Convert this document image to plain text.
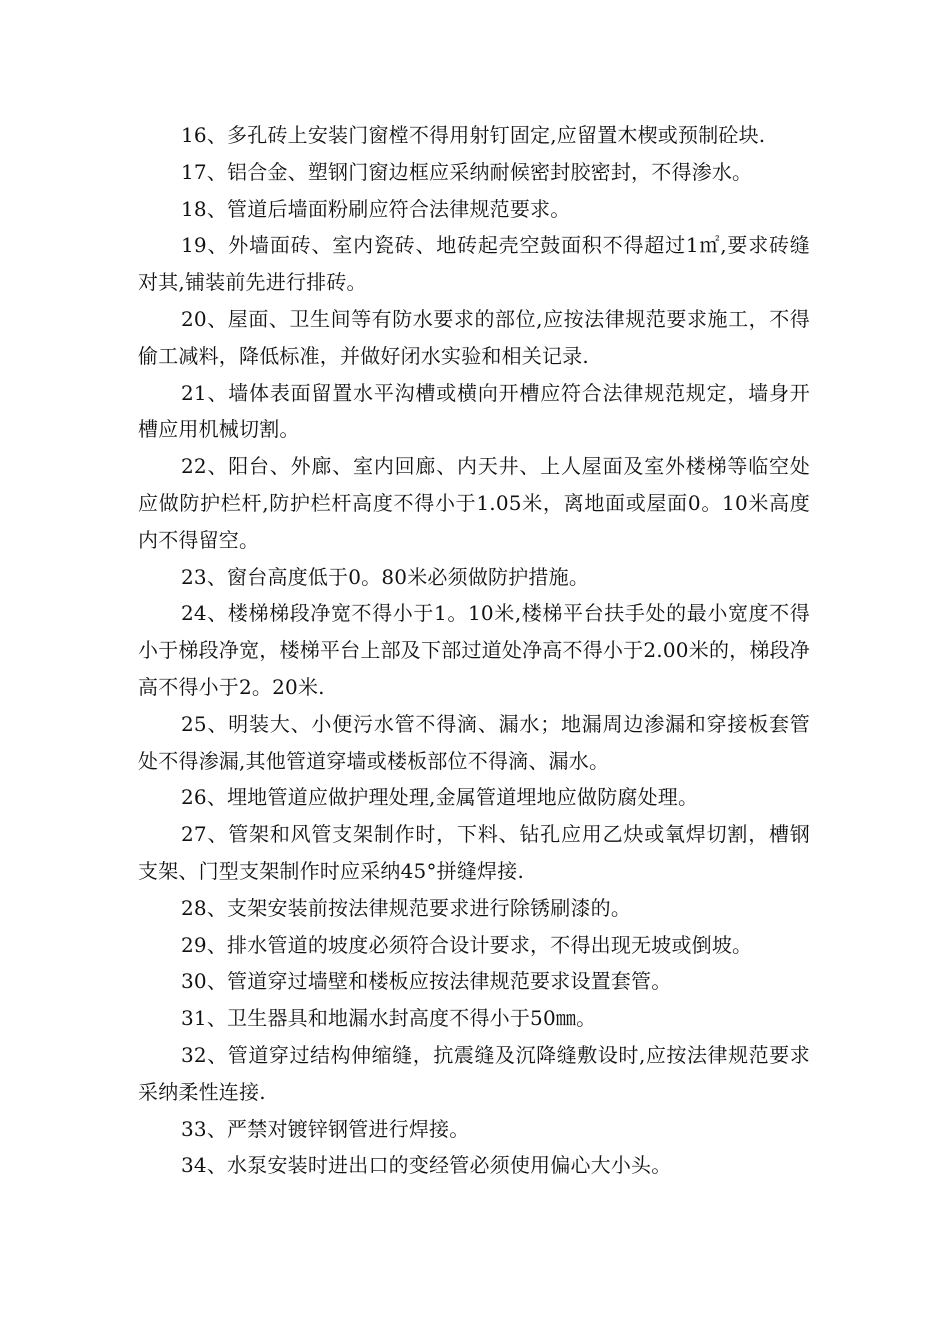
16、多孔砖上安装门窗樘不得用射钉固定,应留置木楔或预制砼块.

17、铝合金、塑钢门窗边框应采纳耐候密封胶密封，不得渗水。

18、管道后墙面粉刷应符合法律规范要求。

19、外墙面砖、室内瓷砖、地砖起壳空鼓面积不得超过1㎡,要求砖缝对其,铺装前先进行排砖。

20、屋面、卫生间等有防水要求的部位,应按法律规范要求施工，不得偷工减料，降低标准，并做好闭水实验和相关记录.

21、墙体表面留置水平沟槽或横向开槽应符合法律规范规定，墙身开槽应用机械切割。

22、阳台、外廊、室内回廊、内天井、上人屋面及室外楼梯等临空处应做防护栏杆,防护栏杆高度不得小于1.05米，离地面或屋面0。10米高度内不得留空。

23、窗台高度低于0。80米必须做防护措施。

24、楼梯梯段净宽不得小于1。10米,楼梯平台扶手处的最小宽度不得小于梯段净宽，楼梯平台上部及下部过道处净高不得小于2.00米的，梯段净高不得小于2。20米.

25、明装大、小便污水管不得滴、漏水；地漏周边渗漏和穿接板套管处不得渗漏,其他管道穿墙或楼板部位不得滴、漏水。

26、埋地管道应做护理处理,金属管道埋地应做防腐处理。

27、管架和风管支架制作时，下料、钻孔应用乙炔或氧焊切割，槽钢支架、门型支架制作时应采纳45°拼缝焊接.

28、支架安装前按法律规范要求进行除锈刷漆的。

29、排水管道的坡度必须符合设计要求，不得出现无坡或倒坡。

30、管道穿过墙壁和楼板应按法律规范要求设置套管。

31、卫生器具和地漏水封高度不得小于50㎜。

32、管道穿过结构伸缩缝，抗震缝及沉降缝敷设时,应按法律规范要求采纳柔性连接.

33、严禁对镀锌钢管进行焊接。

34、水泵安装时进出口的变经管必须使用偏心大小头。
